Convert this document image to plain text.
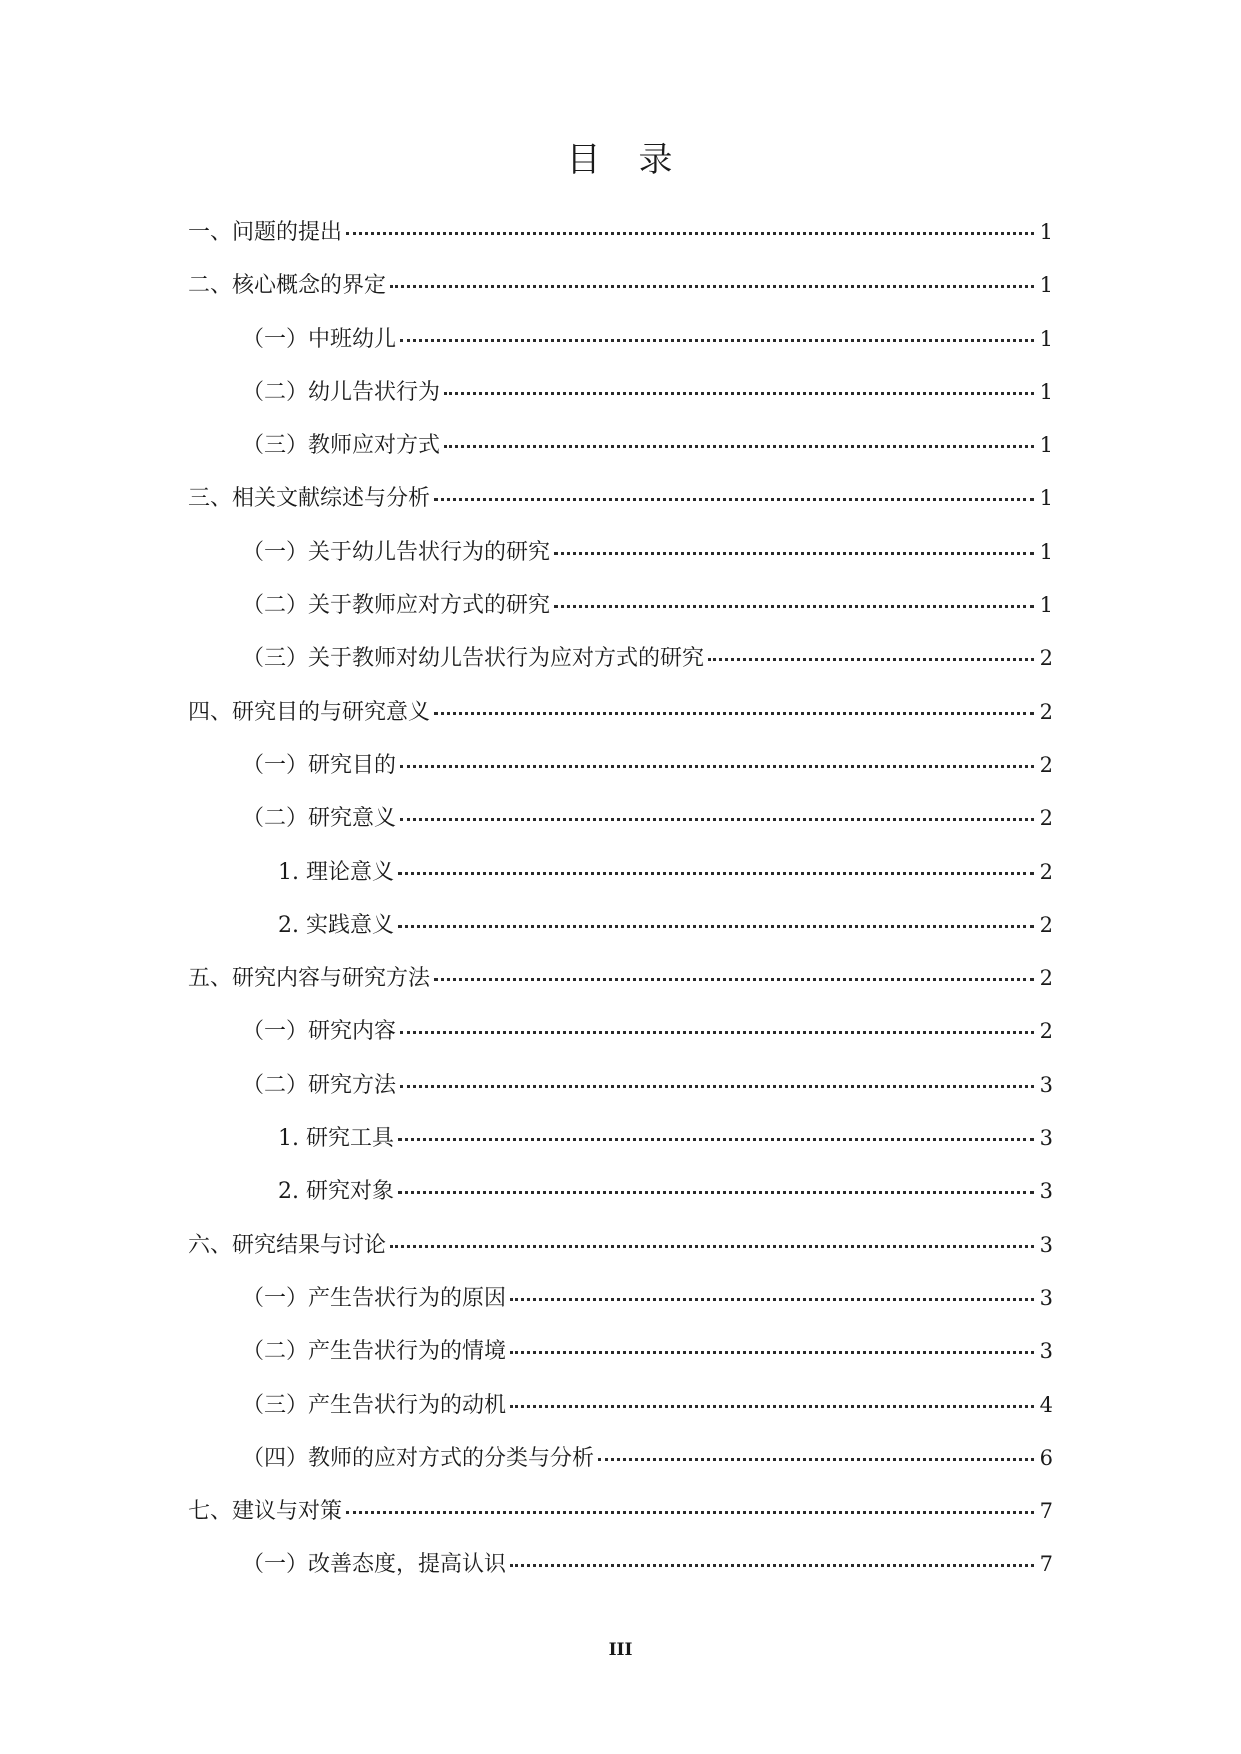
目　录
一、问题的提出	1
二、核心概念的界定	1
（一）中班幼儿	1
（二）幼儿告状行为	1
（三）教师应对方式	1
三、相关文献综述与分析	1
（一）关于幼儿告状行为的研究	1
（二）关于教师应对方式的研究	1
（三）关于教师对幼儿告状行为应对方式的研究	2
四、研究目的与研究意义	2
（一）研究目的	2
（二）研究意义	2
1. 理论意义	2
2. 实践意义	2
五、研究内容与研究方法	2
（一）研究内容	2
（二）研究方法	3
1. 研究工具	3
2. 研究对象	3
六、研究结果与讨论	3
（一）产生告状行为的原因	3
（二）产生告状行为的情境	3
（三）产生告状行为的动机	4
（四）教师的应对方式的分类与分析	6
七、建议与对策	7
（一）改善态度，提高认识	7
III
